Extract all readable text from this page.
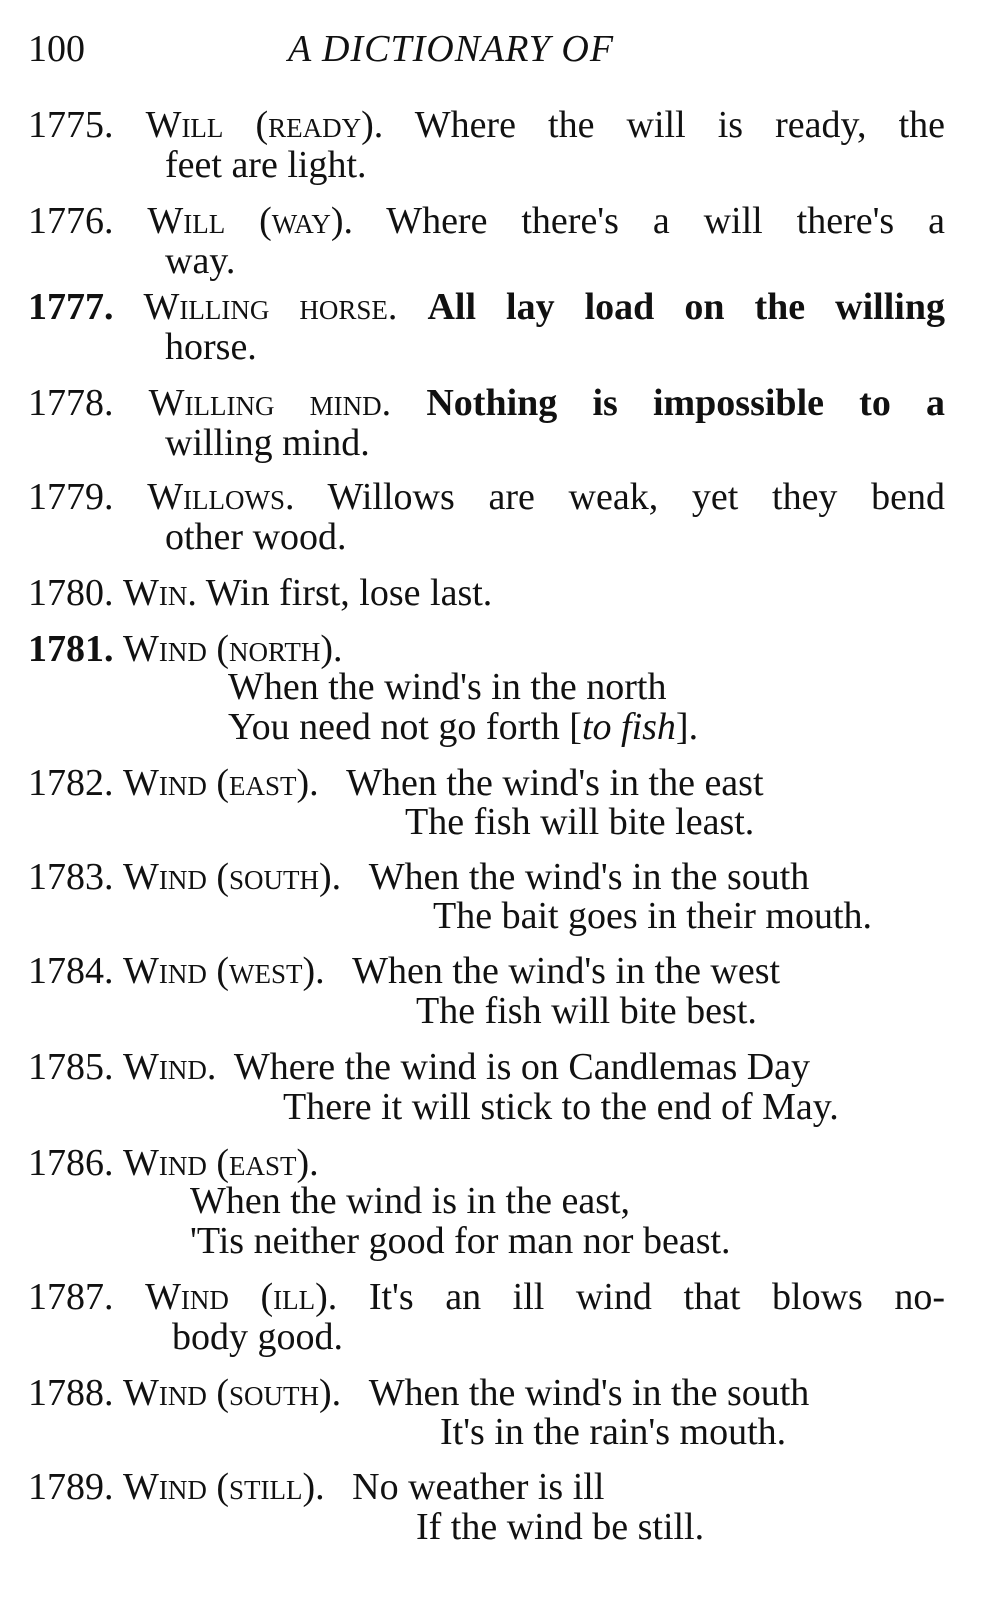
100	A DICTIONARY OF
1775. Will (ready). Where the will is ready, the
feet are light.
1776. Will (way). Where there's a will there's a
way.
1777. Willing horse. All lay load on the willing
horse.
1778. Willing mind. Nothing is impossible to a
willing mind.
1779. Willows. Willows are weak, yet they bend
other wood.
1780. Win. Win first, lose last.
1781. Wind (north).
When the wind's in the north
You need not go forth [to fish].
1782. Wind (east). When the wind's in the east
The fish will bite least.
1783. Wind (south). When the wind's in the south
The bait goes in their mouth.
1784. Wind (west). When the wind's in the west
The fish will bite best.
1785. Wind. Where the wind is on Candlemas Day
There it will stick to the end of May.
1786. Wind (east).
When the wind is in the east,
'Tis neither good for man nor beast.
1787. Wind (ill). It's an ill wind that blows no-
body good.
1788. Wind (south). When the wind's in the south
It's in the rain's mouth.
1789. Wind (still). No weather is ill
If the wind be still.
